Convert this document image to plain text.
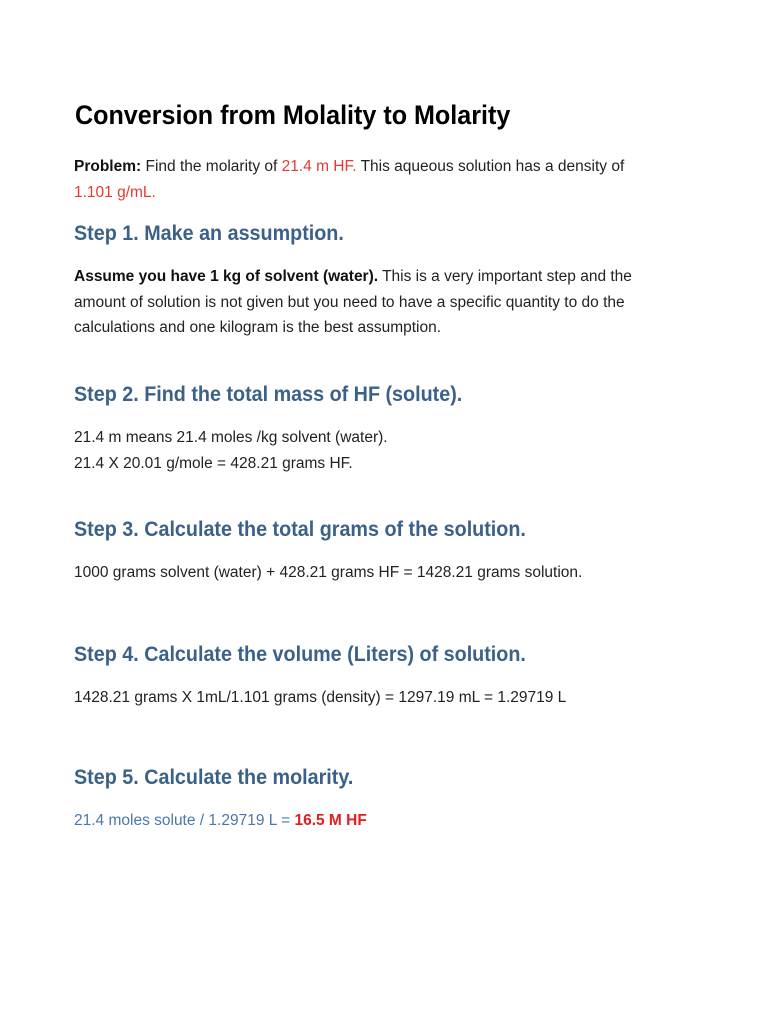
Conversion from Molality to Molarity

Problem: Find the molarity of 21.4 m HF. This aqueous solution has a density of
1.101 g/mL.

Step 1. Make an assumption.

Assume you have 1 kg of solvent (water). This is a very important step and the
amount of solution is not given but you need to have a specific quantity to do the
calculations and one kilogram is the best assumption.

Step 2. Find the total mass of HF (solute).

21.4 m means 21.4 moles /kg solvent (water).
21.4 X 20.01 g/mole = 428.21 grams HF.

Step 3. Calculate the total grams of the solution.

1000 grams solvent (water) + 428.21 grams HF = 1428.21 grams solution.

Step 4. Calculate the volume (Liters) of solution.

1428.21 grams X 1mL/1.101 grams (density) = 1297.19 mL = 1.29719 L

Step 5. Calculate the molarity.

21.4 moles solute / 1.29719 L = 16.5 M HF
